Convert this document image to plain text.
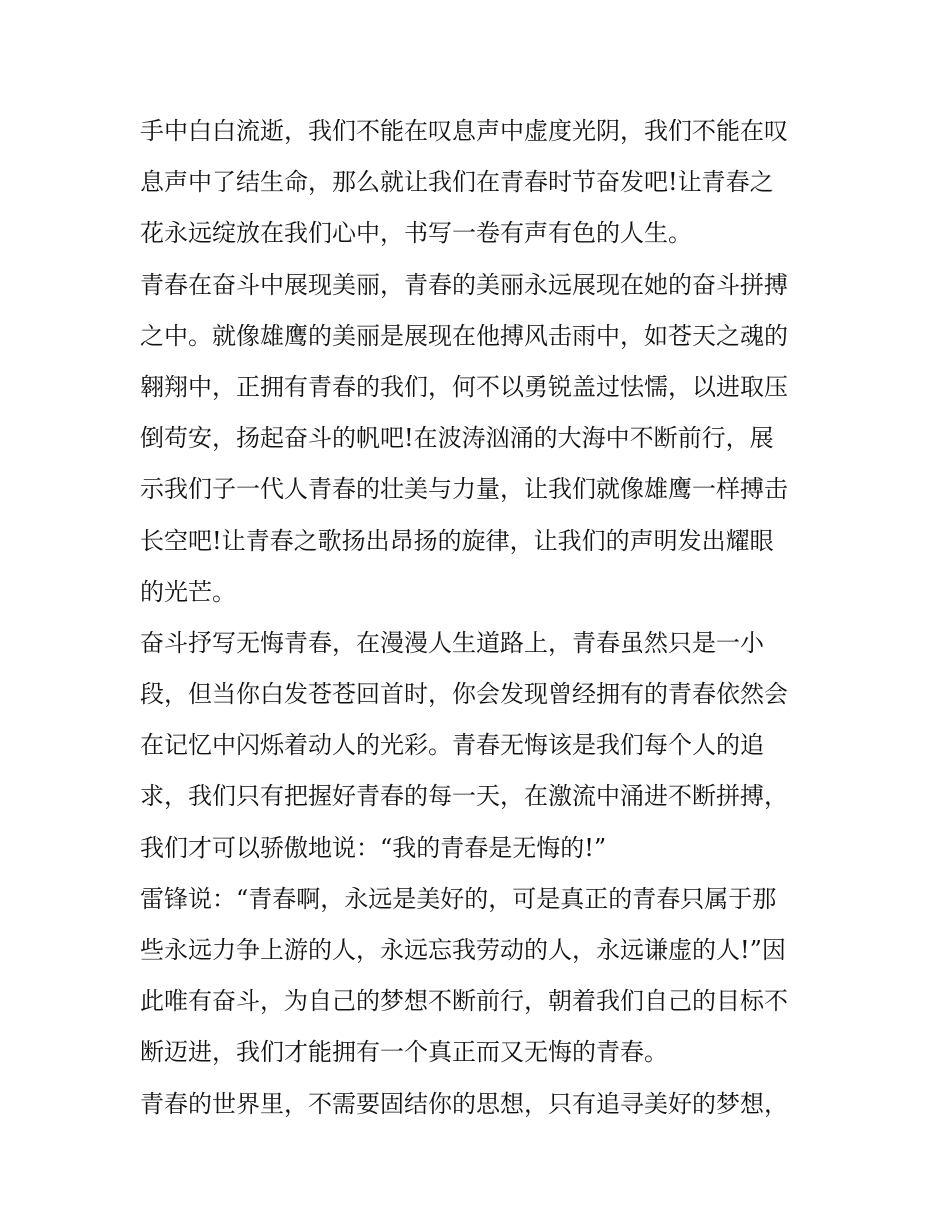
手中白白流逝，我们不能在叹息声中虚度光阴，我们不能在叹
息声中了结生命，那么就让我们在青春时节奋发吧!让青春之
花永远绽放在我们心中，书写一卷有声有色的人生。
青春在奋斗中展现美丽，青春的美丽永远展现在她的奋斗拼搏
之中。就像雄鹰的美丽是展现在他搏风击雨中，如苍天之魂的
翱翔中，正拥有青春的我们，何不以勇锐盖过怯懦，以进取压
倒苟安，扬起奋斗的帆吧!在波涛汹涌的大海中不断前行，展
示我们子一代人青春的壮美与力量，让我们就像雄鹰一样搏击
长空吧!让青春之歌扬出昂扬的旋律，让我们的声明发出耀眼
的光芒。
奋斗抒写无悔青春，在漫漫人生道路上，青春虽然只是一小
段，但当你白发苍苍回首时，你会发现曾经拥有的青春依然会
在记忆中闪烁着动人的光彩。青春无悔该是我们每个人的追
求，我们只有把握好青春的每一天，在激流中涌进不断拼搏，
我们才可以骄傲地说：“我的青春是无悔的!”
雷锋说：“青春啊，永远是美好的，可是真正的青春只属于那
些永远力争上游的人，永远忘我劳动的人，永远谦虚的人!”因
此唯有奋斗，为自己的梦想不断前行，朝着我们自己的目标不
断迈进，我们才能拥有一个真正而又无悔的青春。
青春的世界里，不需要固结你的思想，只有追寻美好的梦想，
